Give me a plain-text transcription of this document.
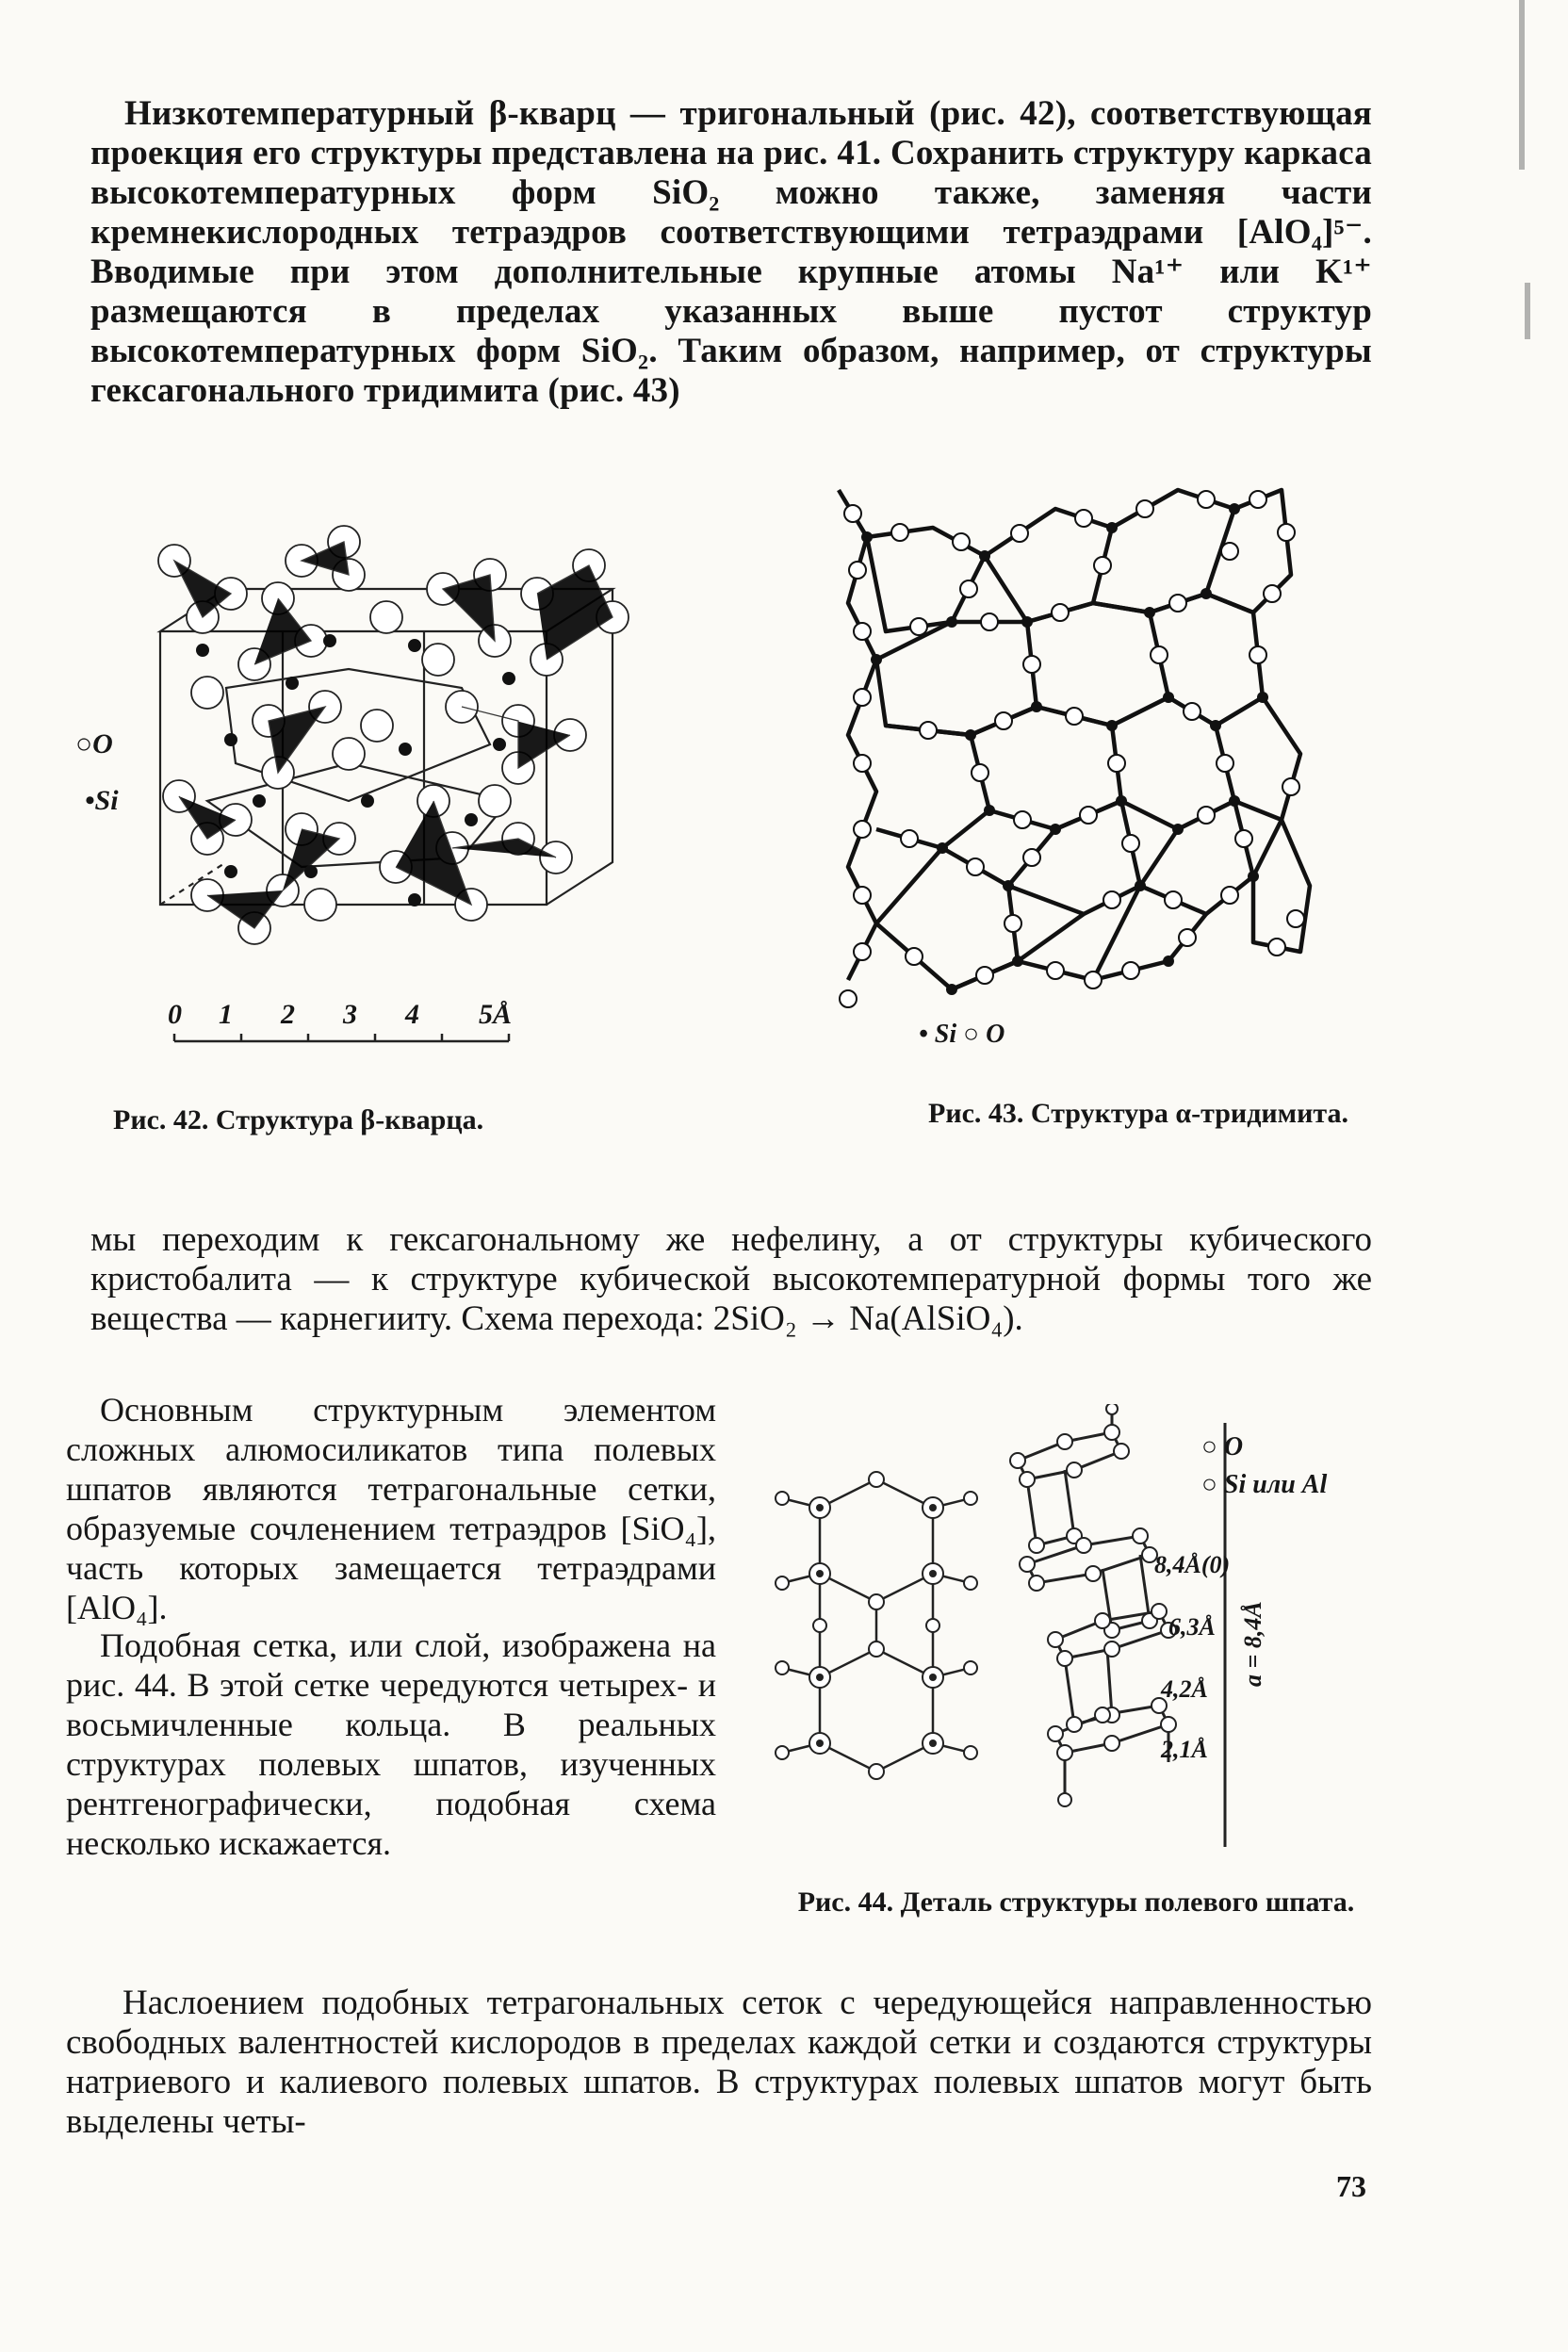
Низкотемпературный β-кварц — тригональный (рис. 42), соответствующая проекция его структуры представлена на рис. 41. Сохранить структуру каркаса высокотемпературных форм SiO₂ можно также, заменяя части кремнекислородных тетраэдров соответствующими тетраэдрами [AlO₄]⁵⁻. Вводимые при этом дополнительные крупные атомы Na¹⁺ или K¹⁺ размещаются в пределах указанных выше пустот структур высокотемпературных форм SiO₂. Таким образом, например, от структуры гексагонального тридимита (рис. 43)

○O
•Si
0 1 2 3 4 5Å
Рис. 42. Структура β-кварца.
• Si ○ O
Рис. 43. Структура α-тридимита.

мы переходим к гексагональному же нефелину, а от структуры кубического кристобалита — к структуре кубической высокотемпературной формы того же вещества — карнегииту. Схема перехода: 2SiO₂ → Na(AlSiO₄).

Основным структурным элементом сложных алюмосиликатов типа полевых шпатов являются тетрагональные сетки, образуемые сочленением тетраэдров [SiO₄], часть которых замещается тетраэдрами [AlO₄].

Подобная сетка, или слой, изображена на рис. 44. В этой сетке чередуются четырех- и восьмичленные кольца. В реальных структурах полевых шпатов, изученных рентгенографически, подобная схема несколько искажается.

○ O
○ Si или Al
8,4Å(0)
6,3Å
4,2Å
2,1Å
a = 8,4Å
Рис. 44. Деталь структуры полевого шпата.

Наслоением подобных тетрагональных сеток с чередующейся направленностью свободных валентностей кислородов в пределах каждой сетки и создаются структуры натриевого и калиевого полевых шпатов. В структурах полевых шпатов могут быть выделены четы-

73
